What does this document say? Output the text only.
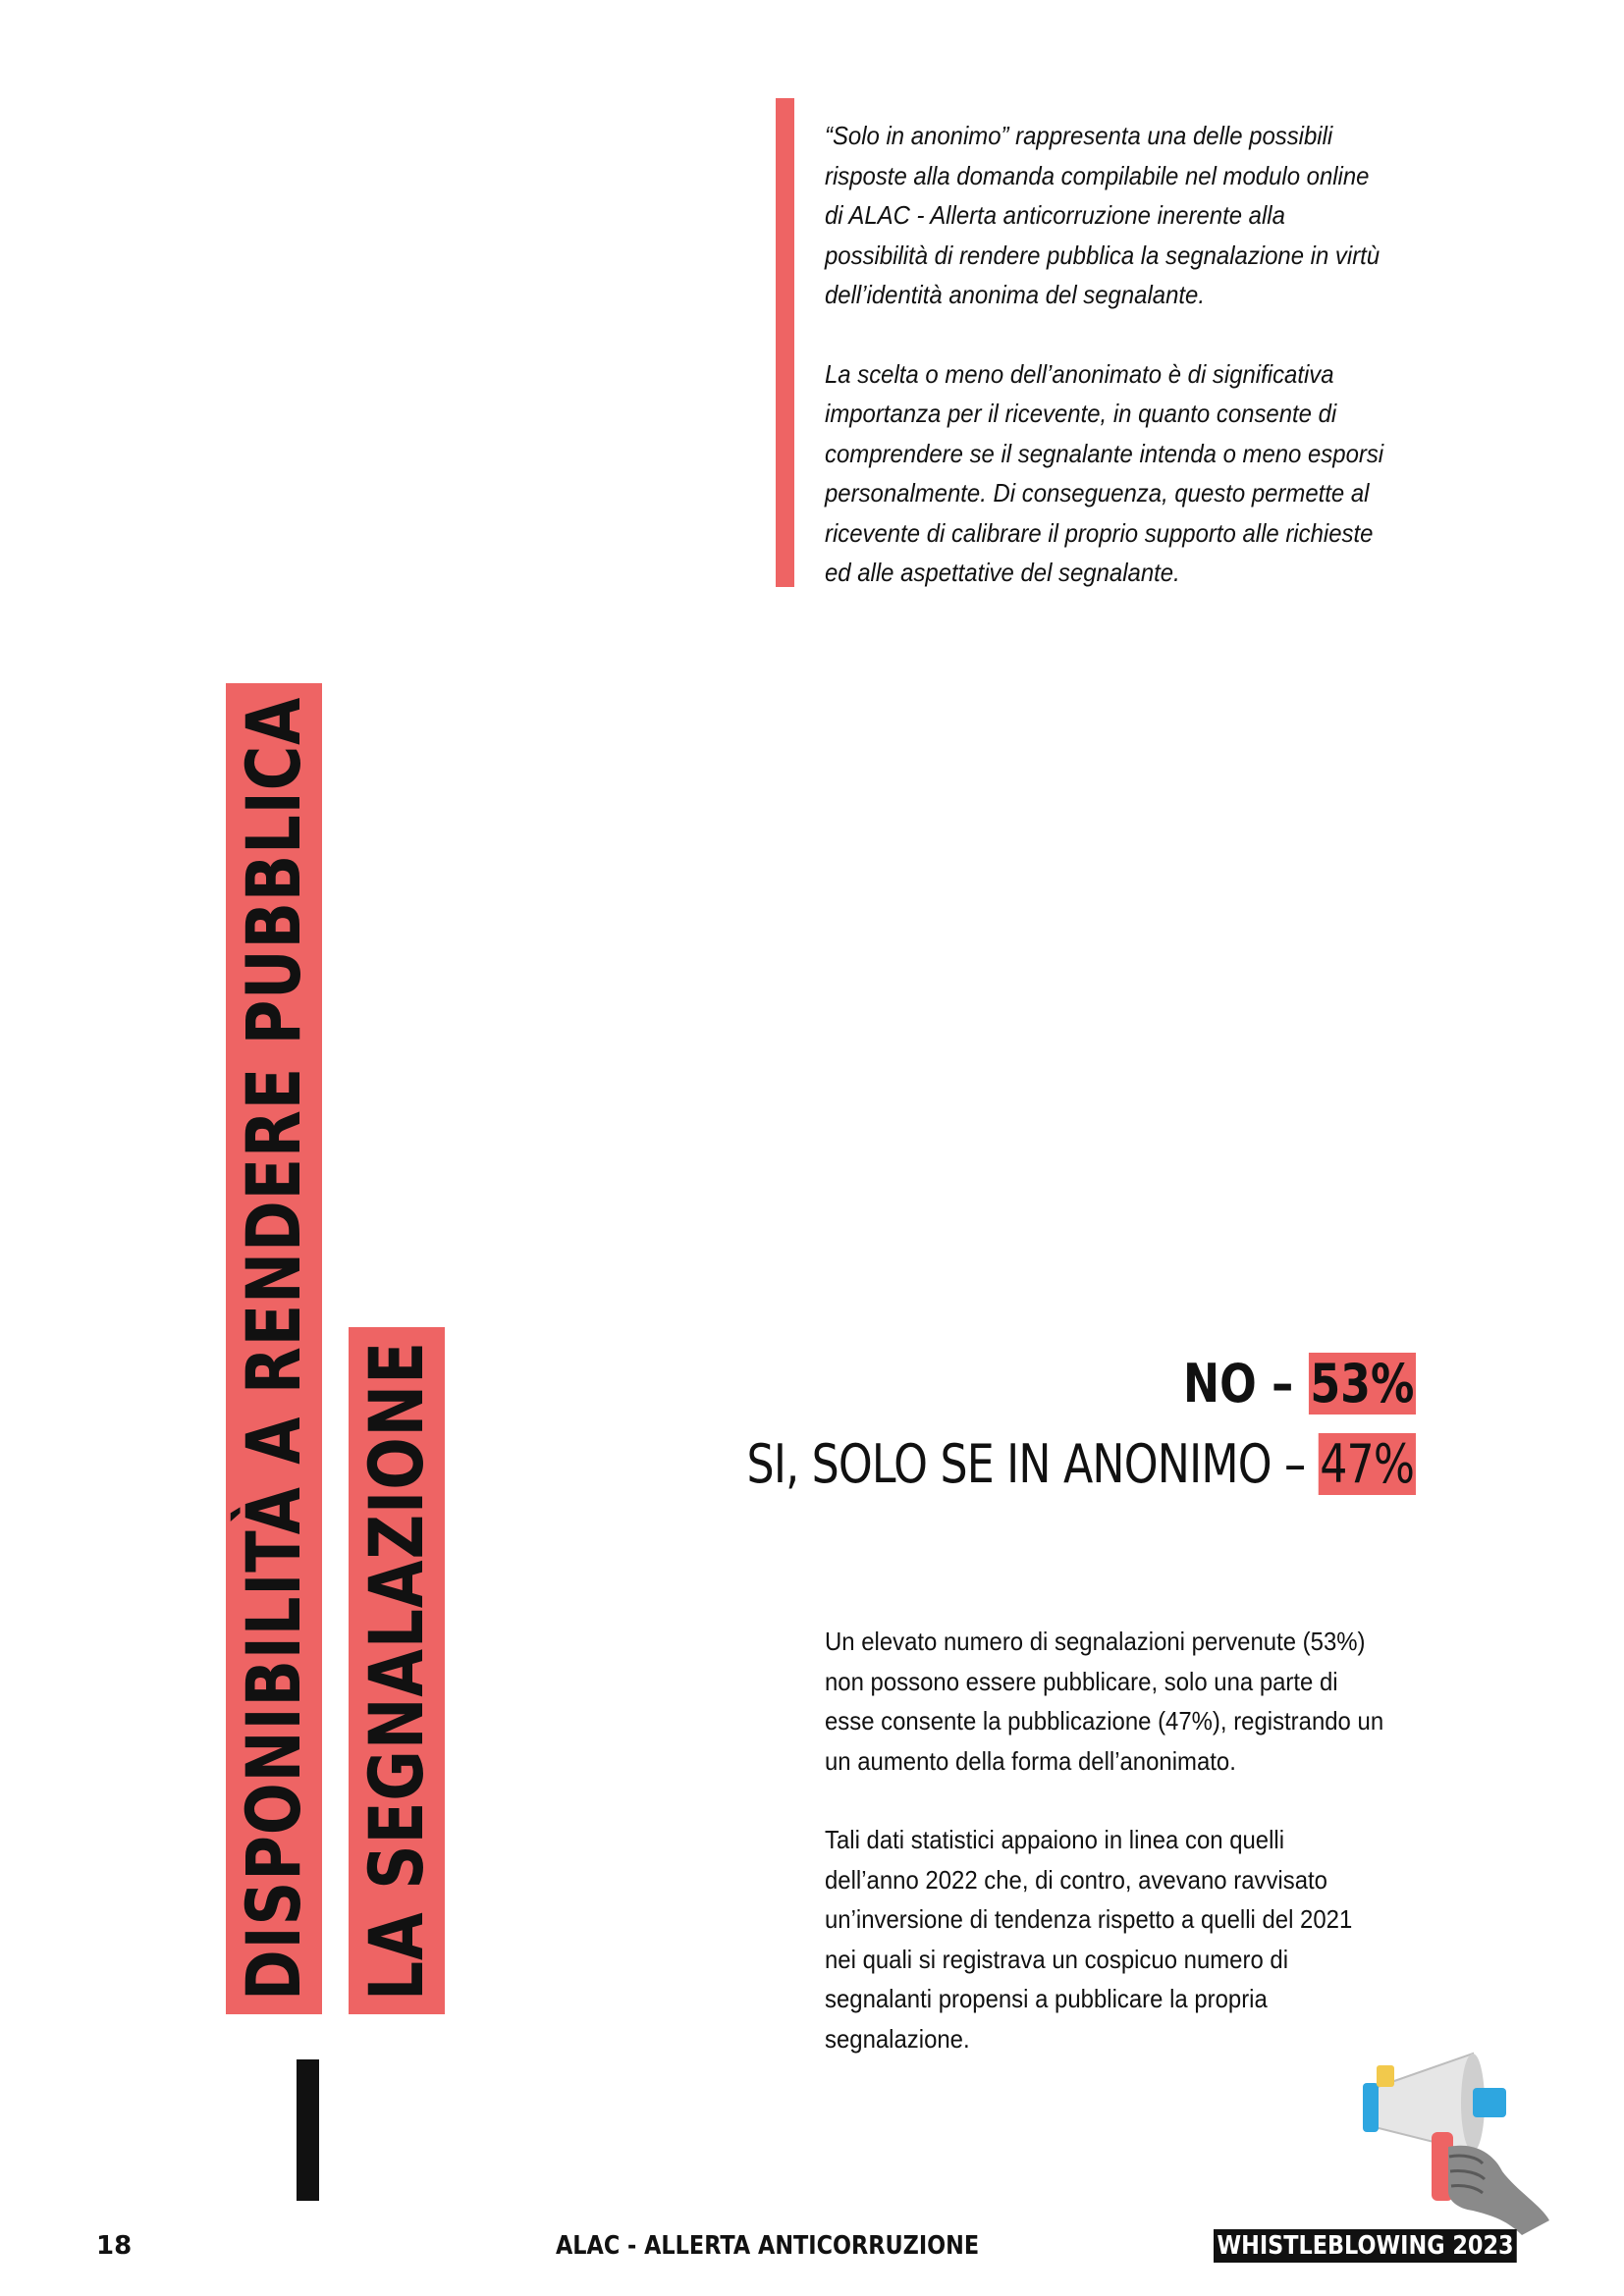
“Solo in anonimo” rappresenta una delle possibili risposte alla domanda compilabile nel modulo online di ALAC - Allerta anticorruzione inerente alla possibilità di rendere pubblica la segnalazione in virtù dell’identità anonima del segnalante.

La scelta o meno dell’anonimato è di significativa importanza per il ricevente, in quanto consente di comprendere se il segnalante intenda o meno esporsi personalmente. Di conseguenza, questo permette al ricevente di calibrare il proprio supporto alle richieste ed alle aspettative del segnalante.

DISPONIBILITÀ A RENDERE PUBBLICA LA SEGNALAZIONE	NO – 53%
SI, SOLO SE IN ANONIMO – 47%

Un elevato numero di segnalazioni pervenute (53%) non possono essere pubblicare, solo una parte di esse consente la pubblicazione (47%), registrando un un aumento della forma dell’anonimato.

Tali dati statistici appaiono in linea con quelli dell’anno 2022 che, di contro, avevano ravvisato un’inversione di tendenza rispetto a quelli del 2021 nei quali si registrava un cospicuo numero di segnalanti propensi a pubblicare la propria segnalazione.

18	ALAC - ALLERTA ANTICORRUZIONE	WHISTLEBLOWING 2023
